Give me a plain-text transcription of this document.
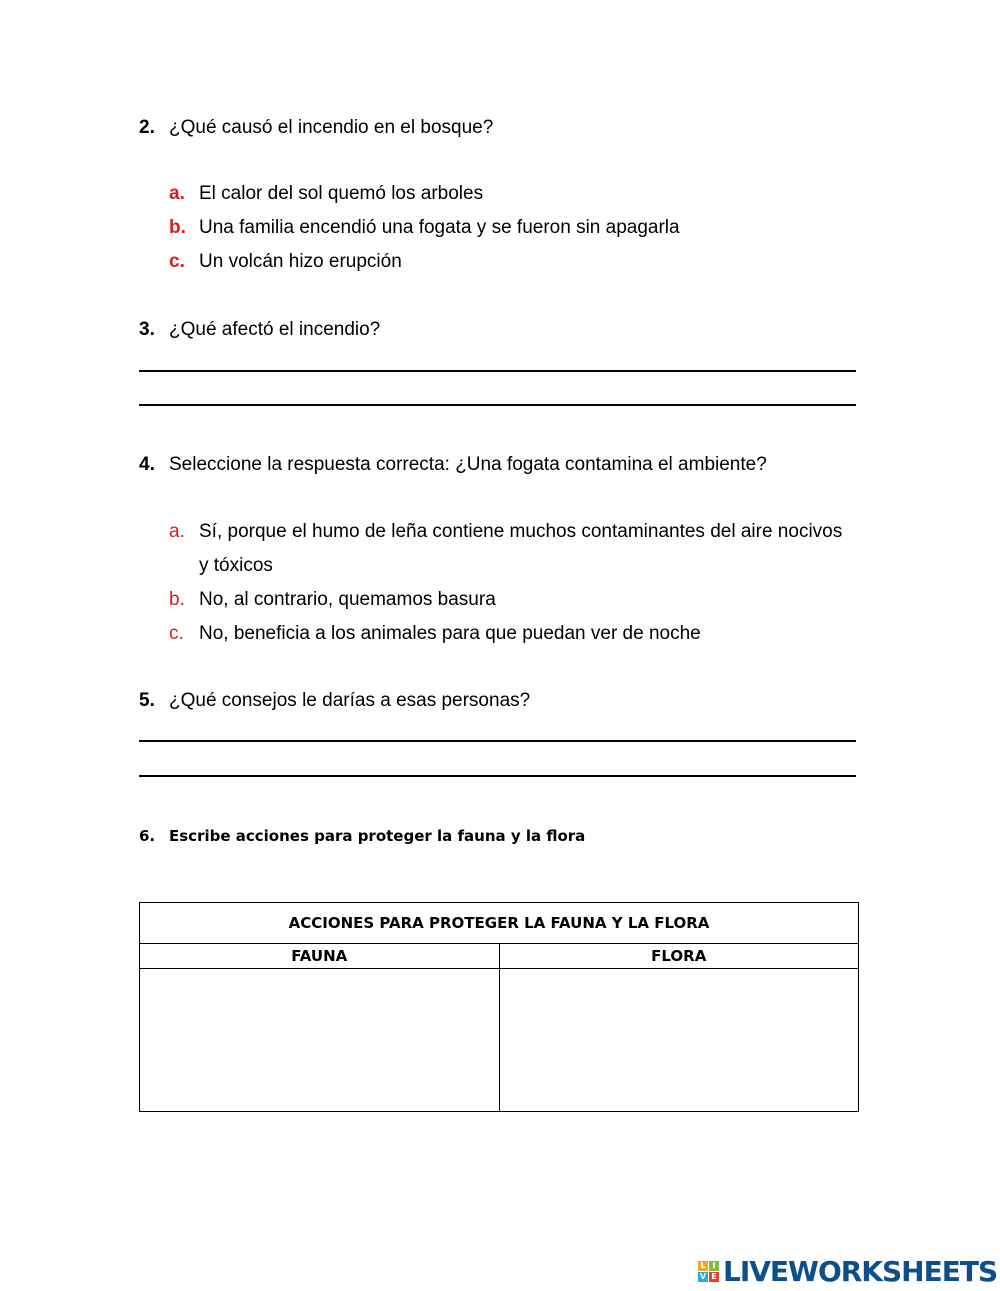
2. ¿Qué causó el incendio en el bosque?
a. El calor del sol quemó los arboles
b. Una familia encendió una fogata y se fueron sin apagarla
c. Un volcán hizo erupción
3. ¿Qué afectó el incendio?
4. Seleccione la respuesta correcta: ¿Una fogata contamina el ambiente?
a. Sí, porque el humo de leña contiene muchos contaminantes del aire nocivos
y tóxicos
b. No, al contrario, quemamos basura
c. No, beneficia a los animales para que puedan ver de noche
5. ¿Qué consejos le darías a esas personas?
6. Escribe acciones para proteger la fauna y la flora
ACCIONES PARA PROTEGER LA FAUNA Y LA FLORA	
FAUNA	FLORA

L I
V E LIVEWORKSHEETS
